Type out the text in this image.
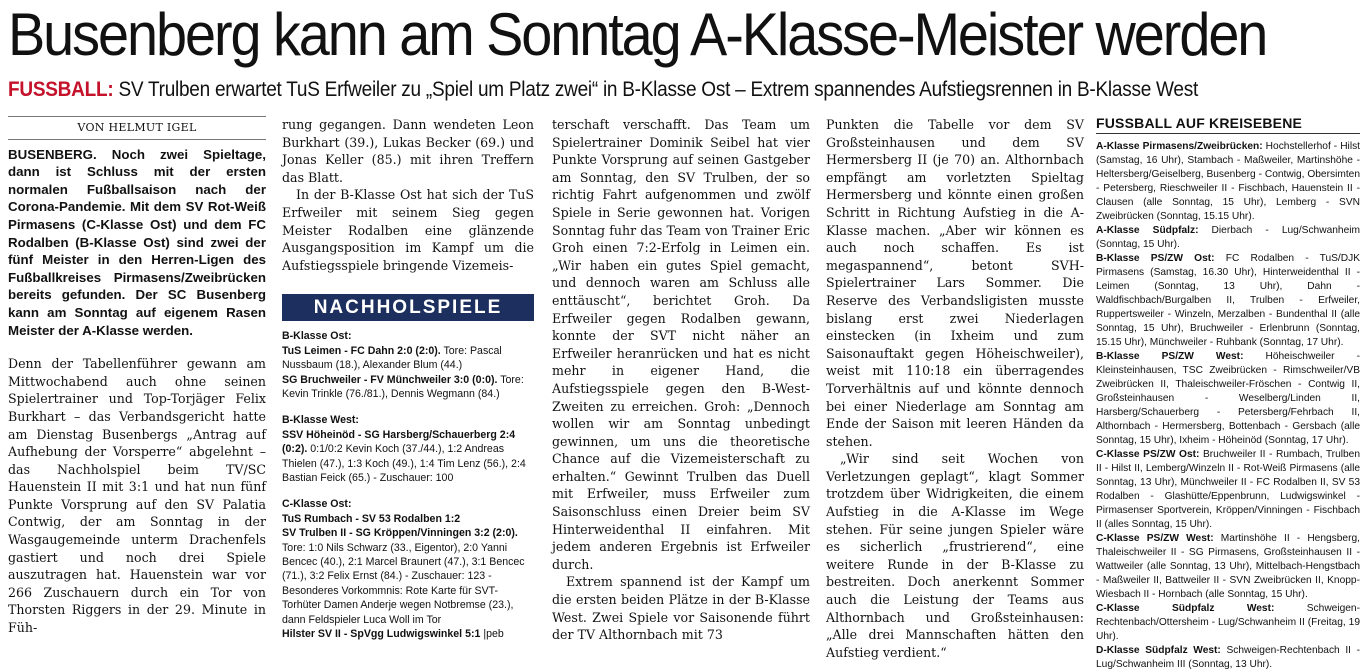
Busenberg kann am Sonntag A-Klasse-Meister werden
FUSSBALL: SV Trulben erwartet TuS Erfweiler zu „Spiel um Platz zwei“ in B-Klasse Ost – Extrem spannendes Aufstiegsrennen in B-Klasse West
VON HELMUT IGEL

BUSENBERG. Noch zwei Spieltage, dann ist Schluss mit der ersten normalen Fußballsaison nach der Corona-Pandemie. Mit dem SV Rot-Weiß Pirmasens (C-Klasse Ost) und dem FC Rodalben (B-Klasse Ost) sind zwei der fünf Meister in den Herren-Ligen des Fußballkreises Pirmasens/Zweibrücken bereits gefunden. Der SC Busenberg kann am Sonntag auf eigenem Rasen Meister der A-Klasse werden.

Denn der Tabellenführer gewann am Mittwochabend auch ohne seinen Spielertrainer und Top-Torjäger Felix Burkhart – das Verbandsgericht hatte am Dienstag Busenbergs „Antrag auf Aufhebung der Vorsperre“ abgelehnt – das Nachholspiel beim TV/SC Hauenstein II mit 3:1 und hat nun fünf Punkte Vorsprung auf den SV Palatia Contwig, der am Sonntag in der Wasgaugemeinde unterm Drachenfels gastiert und noch drei Spiele auszutragen hat. Hauenstein war vor 266 Zuschauern durch ein Tor von Thorsten Riggers in der 29. Minute in Füh-

rung gegangen. Dann wendeten Leon Burkhart (39.), Lukas Becker (69.) und Jonas Keller (85.) mit ihren Treffern das Blatt.

In der B-Klasse Ost hat sich der TuS Erfweiler mit seinem Sieg gegen Meister Rodalben eine glänzende Ausgangsposition im Kampf um die Aufstiegsspiele bringende Vizemeis-

NACHHOLSPIELE
B-Klasse Ost:
TuS Leimen - FC Dahn 2:0 (2:0). Tore: Pascal Nussbaum (18.), Alexander Blum (44.)
SG Bruchweiler - FV Münchweiler 3:0 (0:0). Tore: Kevin Trinkle (76./81.), Dennis Wegmann (84.)
B-Klasse West:
SSV Höheinöd - SG Harsberg/Schauerberg 2:4 (0:2). 0:1/0:2 Kevin Koch (37./44.), 1:2 Andreas Thielen (47.), 1:3 Koch (49.), 1:4 Tim Lenz (56.), 2:4 Bastian Feick (65.) - Zuschauer: 100
C-Klasse Ost:
TuS Rumbach - SV 53 Rodalben 1:2
SV Trulben II - SG Kröppen/Vinningen 3:2 (2:0). Tore: 1:0 Nils Schwarz (33., Eigentor), 2:0 Yanni Bencec (40.), 2:1 Marcel Braunert (47.), 3:1 Bencec (71.), 3:2 Felix Ernst (84.) - Zuschauer: 123 - Besonderes Vorkommnis: Rote Karte für SVT-Torhüter Damen Anderje wegen Notbremse (23.), dann Feldspieler Luca Woll im Tor
Hilster SV II - SpVgg Ludwigswinkel 5:1 |peb

terschaft verschafft. Das Team um Spielertrainer Dominik Seibel hat vier Punkte Vorsprung auf seinen Gastgeber am Sonntag, den SV Trulben, der so richtig Fahrt aufgenommen und zwölf Spiele in Serie gewonnen hat. Vorigen Sonntag fuhr das Team von Trainer Eric Groh einen 7:2-Erfolg in Leimen ein. „Wir haben ein gutes Spiel gemacht, und dennoch waren am Schluss alle enttäuscht“, berichtet Groh. Da Erfweiler gegen Rodalben gewann, konnte der SVT nicht näher an Erfweiler heranrücken und hat es nicht mehr in eigener Hand, die Aufstiegsspiele gegen den B-West-Zweiten zu erreichen. Groh: „Dennoch wollen wir am Sonntag unbedingt gewinnen, um uns die theoretische Chance auf die Vizemeisterschaft zu erhalten.“ Gewinnt Trulben das Duell mit Erfweiler, muss Erfweiler zum Saisonschluss einen Dreier beim SV Hinterweidenthal II einfahren. Mit jedem anderen Ergebnis ist Erfweiler durch.

Extrem spannend ist der Kampf um die ersten beiden Plätze in der B-Klasse West. Zwei Spiele vor Saisonende führt der TV Althornbach mit 73

Punkten die Tabelle vor dem SV Großsteinhausen und dem SV Hermersberg II (je 70) an. Althornbach empfängt am vorletzten Spieltag Hermersberg und könnte einen großen Schritt in Richtung Aufstieg in die A-Klasse machen. „Aber wir können es auch noch schaffen. Es ist megaspannend“, betont SVH-Spielertrainer Lars Sommer. Die Reserve des Verbandsligisten musste bislang erst zwei Niederlagen einstecken (in Ixheim und zum Saisonauftakt gegen Höheischweiler), weist mit 110:18 ein überragendes Torverhältnis auf und könnte dennoch bei einer Niederlage am Sonntag am Ende der Saison mit leeren Händen da stehen.

„Wir sind seit Wochen von Verletzungen geplagt“, klagt Sommer trotzdem über Widrigkeiten, die einem Aufstieg in die A-Klasse im Wege stehen. Für seine jungen Spieler wäre es sicherlich „frustrierend“, eine weitere Runde in der B-Klasse zu bestreiten. Doch anerkennt Sommer auch die Leistung der Teams aus Althornbach und Großsteinhausen: „Alle drei Mannschaften hätten den Aufstieg verdient.“

FUSSBALL AUF KREISEBENE
A-Klasse Pirmasens/Zweibrücken: Hochstellerhof - Hilst (Samstag, 16 Uhr), Stambach - Maßweiler, Martinshöhe - Heltersberg/Geiselberg, Busenberg - Contwig, Obersimten - Petersberg, Rieschweiler II - Fischbach, Hauenstein II - Clausen (alle Sonntag, 15 Uhr), Lemberg - SVN Zweibrücken (Sonntag, 15.15 Uhr).
A-Klasse Südpfalz: Dierbach - Lug/Schwanheim (Sonntag, 15 Uhr).
B-Klasse PS/ZW Ost: FC Rodalben - TuS/DJK Pirmasens (Samstag, 16.30 Uhr), Hinterweidenthal II - Leimen (Sonntag, 13 Uhr), Dahn - Waldfischbach/Burgalben II, Trulben - Erfweiler, Ruppertsweiler - Winzeln, Merzalben - Bundenthal II (alle Sonntag, 15 Uhr), Bruchweiler - Erlenbrunn (Sonntag, 15.15 Uhr), Münchweiler - Ruhbank (Sonntag, 17 Uhr).
B-Klasse PS/ZW West: Höheischweiler - Kleinsteinhausen, TSC Zweibrücken - Rimschweiler/VB Zweibrücken II, Thaleischweiler-Fröschen - Contwig II, Großsteinhausen - Weselberg/Linden II, Harsberg/Schauerberg - Petersberg/Fehrbach II, Althornbach - Hermersberg, Bottenbach - Gersbach (alle Sonntag, 15 Uhr), Ixheim - Höheinöd (Sonntag, 17 Uhr).
C-Klasse PS/ZW Ost: Bruchweiler II - Rumbach, Trulben II - Hilst II, Lemberg/Winzeln II - Rot-Weiß Pirmasens (alle Sonntag, 13 Uhr), Münchweiler II - FC Rodalben II, SV 53 Rodalben - Glashütte/Eppenbrunn, Ludwigswinkel - Pirmasenser Sportverein, Kröppen/Vinningen - Fischbach II (alles Sonntag, 15 Uhr).
C-Klasse PS/ZW West: Martinshöhe II - Hengsberg, Thaleischweiler II - SG Pirmasens, Großsteinhausen II - Wattweiler (alle Sonntag, 13 Uhr), Mittelbach-Hengstbach - Maßweiler II, Battweiler II - SVN Zweibrücken II, Knopp-Wiesbach II - Hornbach (alle Sonntag, 15 Uhr).
C-Klasse Südpfalz West: Schweigen-Rechtenbach/Ottersheim - Lug/Schwanheim II (Freitag, 19 Uhr).
D-Klasse Südpfalz West: Schweigen-Rechtenbach II - Lug/Schwanheim III (Sonntag, 13 Uhr).
